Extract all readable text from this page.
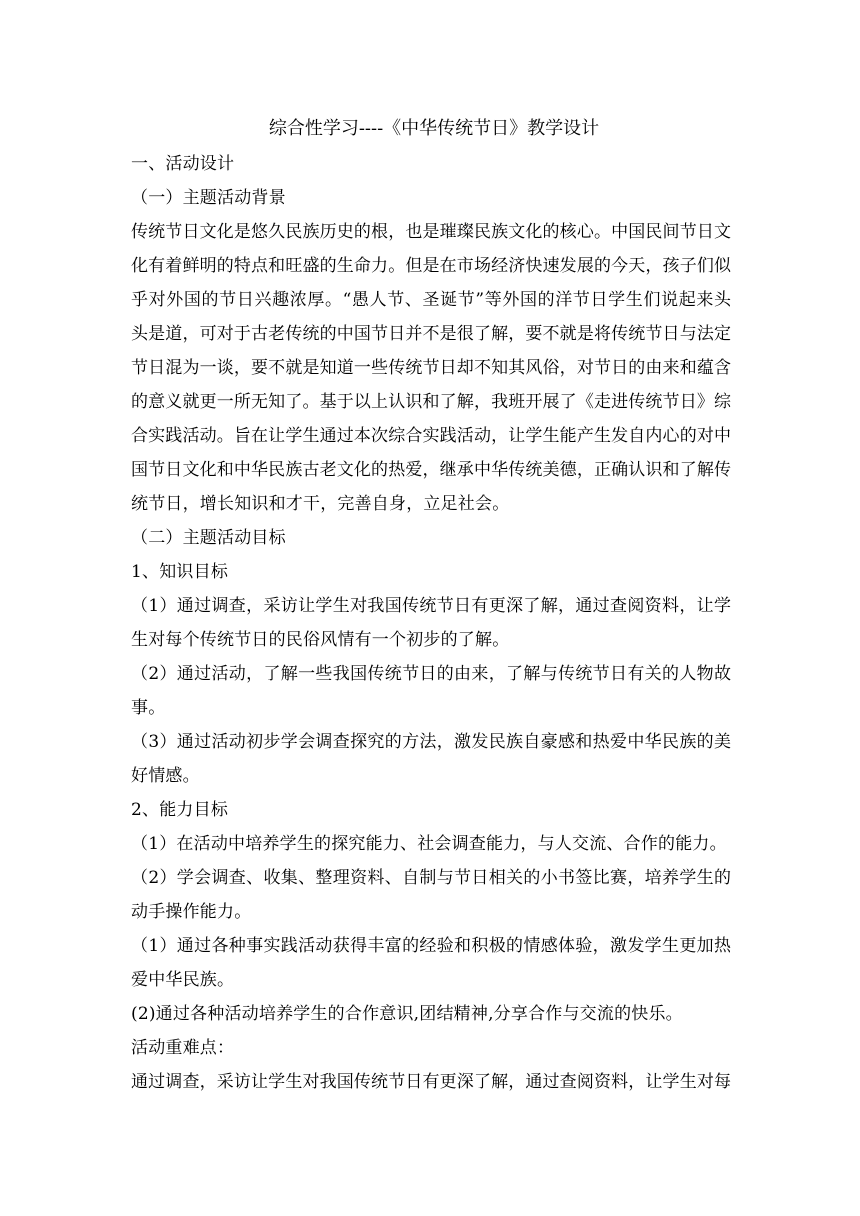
综合性学习----《中华传统节日》教学设计
一、活动设计
（一）主题活动背景
传统节日文化是悠久民族历史的根，也是璀璨民族文化的核心。中国民间节日文
化有着鲜明的特点和旺盛的生命力。但是在市场经济快速发展的今天，孩子们似
乎对外国的节日兴趣浓厚。“愚人节、圣诞节”等外国的洋节日学生们说起来头
头是道，可对于古老传统的中国节日并不是很了解，要不就是将传统节日与法定
节日混为一谈，要不就是知道一些传统节日却不知其风俗，对节日的由来和蕴含
的意义就更一所无知了。基于以上认识和了解，我班开展了《走进传统节日》综
合实践活动。旨在让学生通过本次综合实践活动，让学生能产生发自内心的对中
国节日文化和中华民族古老文化的热爱，继承中华传统美德，正确认识和了解传
统节日，增长知识和才干，完善自身，立足社会。
（二）主题活动目标
1、知识目标
（1）通过调查，采访让学生对我国传统节日有更深了解，通过查阅资料，让学
生对每个传统节日的民俗风情有一个初步的了解。
（2）通过活动，了解一些我国传统节日的由来，了解与传统节日有关的人物故
事。
（3）通过活动初步学会调查探究的方法，激发民族自豪感和热爱中华民族的美
好情感。
2、能力目标
（1）在活动中培养学生的探究能力、社会调查能力，与人交流、合作的能力。
（2）学会调查、收集、整理资料、自制与节日相关的小书签比赛，培养学生的
动手操作能力。
（1）通过各种事实践活动获得丰富的经验和积极的情感体验，激发学生更加热
爱中华民族。
(2)通过各种活动培养学生的合作意识,团结精神,分享合作与交流的快乐。
活动重难点：
通过调查，采访让学生对我国传统节日有更深了解，通过查阅资料，让学生对每
